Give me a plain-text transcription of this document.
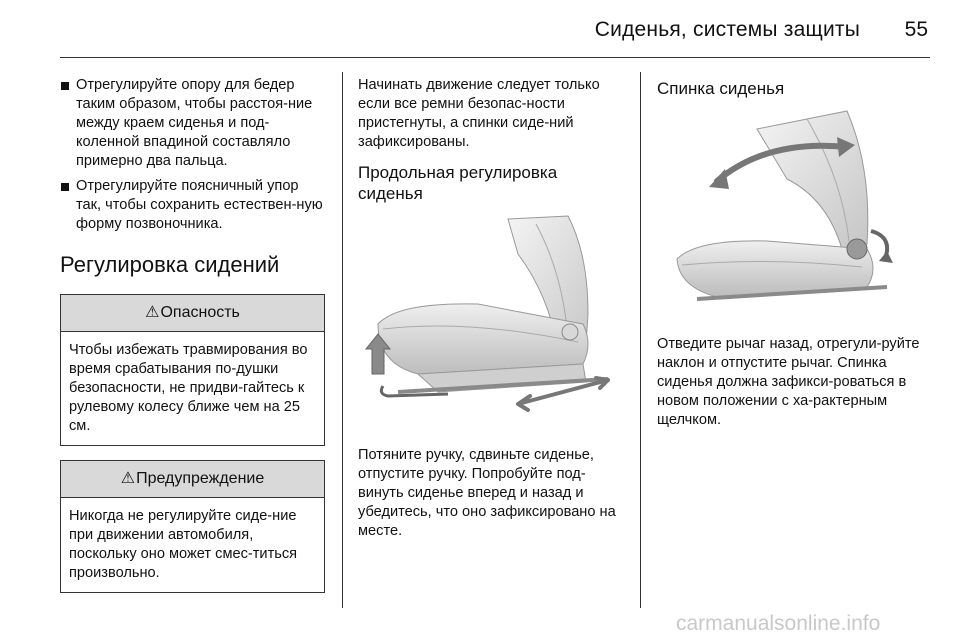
Сиденья, системы защиты	55
Отрегулируйте опору для бедер таким образом, чтобы расстоя-ние между краем сиденья и под-коленной впадиной составляло примерно два пальца.
Отрегулируйте поясничный упор так, чтобы сохранить естествен-ную форму позвоночника.
Регулировка сидений
⚠Опасность
Чтобы избежать травмирования во время срабатывания по-душки безопасности, не придви-гайтесь к рулевому колесу ближе чем на 25 см.
⚠Предупреждение
Никогда не регулируйте сиде-ние при движении автомобиля, поскольку оно может смес-титься произвольно.

Начинать движение следует только если все ремни безопас-ности пристегнуты, а спинки сиде-ний зафиксированы.

Продольная регулировка сиденья

Потяните ручку, сдвиньте сиденье, отпустите ручку. Попробуйте под-винуть сиденье вперед и назад и убедитесь, что оно зафиксировано на месте.

Спинка сиденья

Отведите рычаг назад, отрегули-руйте наклон и отпустите рычаг. Спинка сиденья должна зафикси-роваться в новом положении с ха-рактерным щелчком.

carmanualsonline.info
